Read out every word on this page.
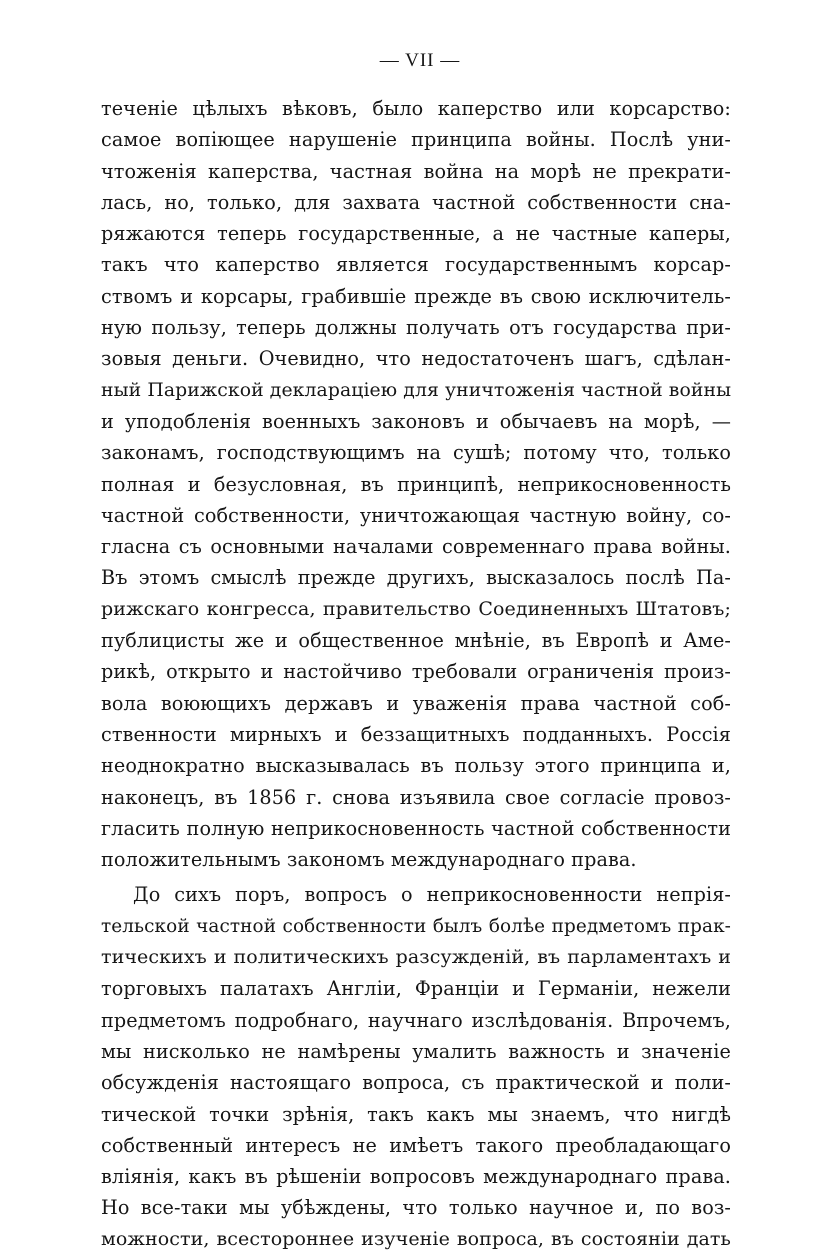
— VII —
теченіе цѣлыхъ вѣковъ, было каперство или корсарство:
самое вопіющее нарушеніе принципа войны. Послѣ уни-
чтоженія каперства, частная война на морѣ не прекрати-
лась, но, только, для захвата частной собственности сна-
ряжаются теперь государственные, а не частные каперы,
такъ что каперство является государственнымъ корсар-
ствомъ и корсары, грабившіе прежде въ свою исключитель-
ную пользу, теперь должны получать отъ государства при-
зовыя деньги. Очевидно, что недостаточенъ шагъ, сдѣлан-
ный Парижской декларацiею для уничтоженія частной войны
и уподобленія военныхъ законовъ и обычаевъ на морѣ, —
законамъ, господствующимъ на сушѣ; потому что, только
полная и безусловная, въ принципѣ, неприкосновенность
частной собственности, уничтожающая частную войну, со-
гласна съ основными началами современнаго права войны.
Въ этомъ смыслѣ прежде другихъ, высказалось послѣ Па-
рижскаго конгресса, правительство Соединенныхъ Штатовъ;
публицисты же и общественное мнѣніе, въ Европѣ и Аме-
рикѣ, открыто и настойчиво требовали ограниченія произ-
вола воюющихъ державъ и уваженія права частной соб-
ственности мирныхъ и беззащитныхъ подданныхъ. Россія
неоднократно высказывалась въ пользу этого принципа и,
наконецъ, въ 1856 г. снова изъявила свое согласіе провоз-
гласить полную неприкосновенность частной собственности
положительнымъ закономъ международнаго права.
До сихъ поръ, вопросъ о неприкосновенности непрія-
тельской частной собственности былъ болѣе предметомъ прак-
тическихъ и политическихъ разсужденій, въ парламентахъ и
торговыхъ палатахъ Англіи, Франціи и Германіи, нежели
предметомъ подробнаго, научнаго изслѣдованія. Впрочемъ,
мы нисколько не намѣрены умалить важность и значеніе
обсужденія настоящаго вопроса, съ практической и поли-
тической точки зрѣнія, такъ какъ мы знаемъ, что нигдѣ
собственный интересъ не имѣетъ такого преобладающаго
вліянія, какъ въ рѣшеніи вопросовъ международнаго права.
Но все-таки мы убѣждены, что только научное и, по воз-
можности, всестороннее изученіе вопроса, въ состояніи дать
